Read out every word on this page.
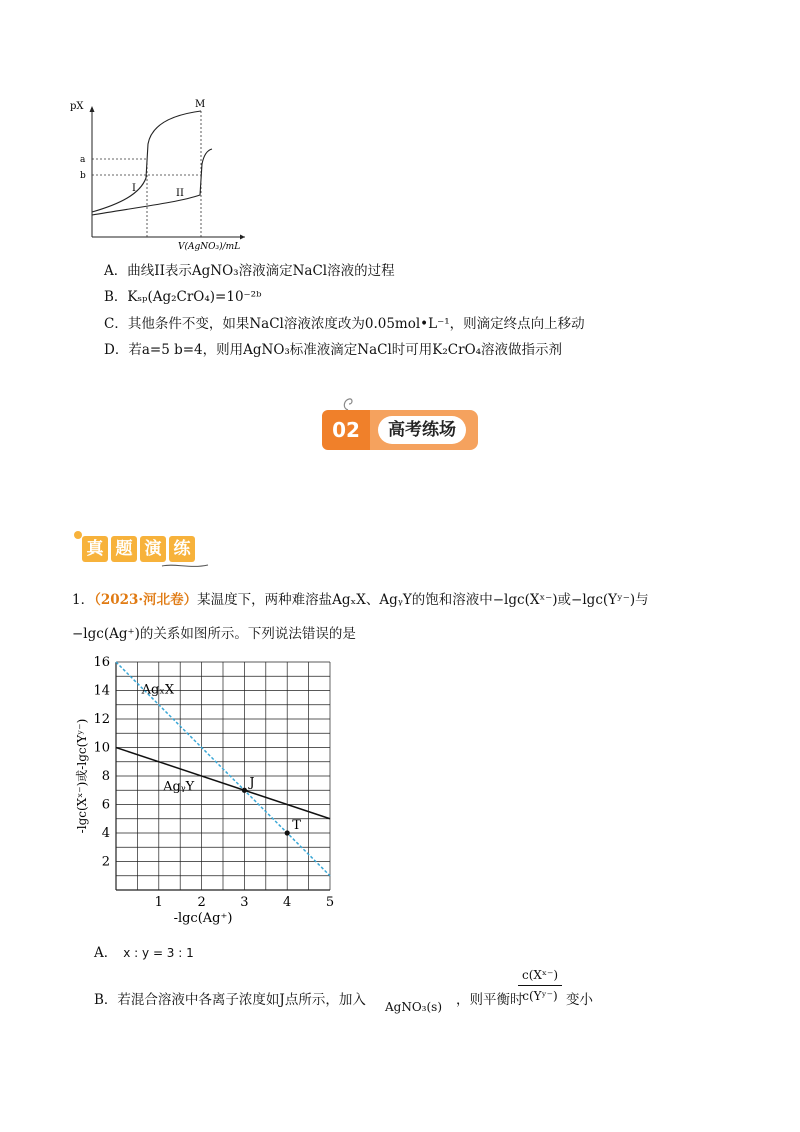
pX
a
b
M
I	II
V(AgNO₃)/mL
A．曲线II表示AgNO₃溶液滴定NaCl溶液的过程
B．Kₛₚ(Ag₂CrO₄)=10⁻²ᵇ
C．其他条件不变，如果NaCl溶液浓度改为0.05mol•L⁻¹，则滴定终点向上移动
D．若a=5 b=4，则用AgNO₃标准液滴定NaCl时可用K₂CrO₄溶液做指示剂
02	高考练场
真 题 演 练
1．（2023·河北卷）某温度下，两种难溶盐AgₓX、AgᵧY的饱和溶液中−lgc(Xˣ⁻)或−lgc(Yʸ⁻)与
−lgc(Ag⁺)的关系如图所示。下列说法错误的是
1	2	3	4	5
2
4
6
8
10
12
14
16
AgₓX
AgᵧY	J
T
-lgc(Ag⁺)
-lgc(Xˣ⁻)或-lgc(Yʸ⁻)
A． x : y = 3 : 1
B．若混合溶液中各离子浓度如J点所示，加入 AgNO₃(s) ，则平衡时
c(Xˣ⁻)
c(Yʸ⁻) 变小
